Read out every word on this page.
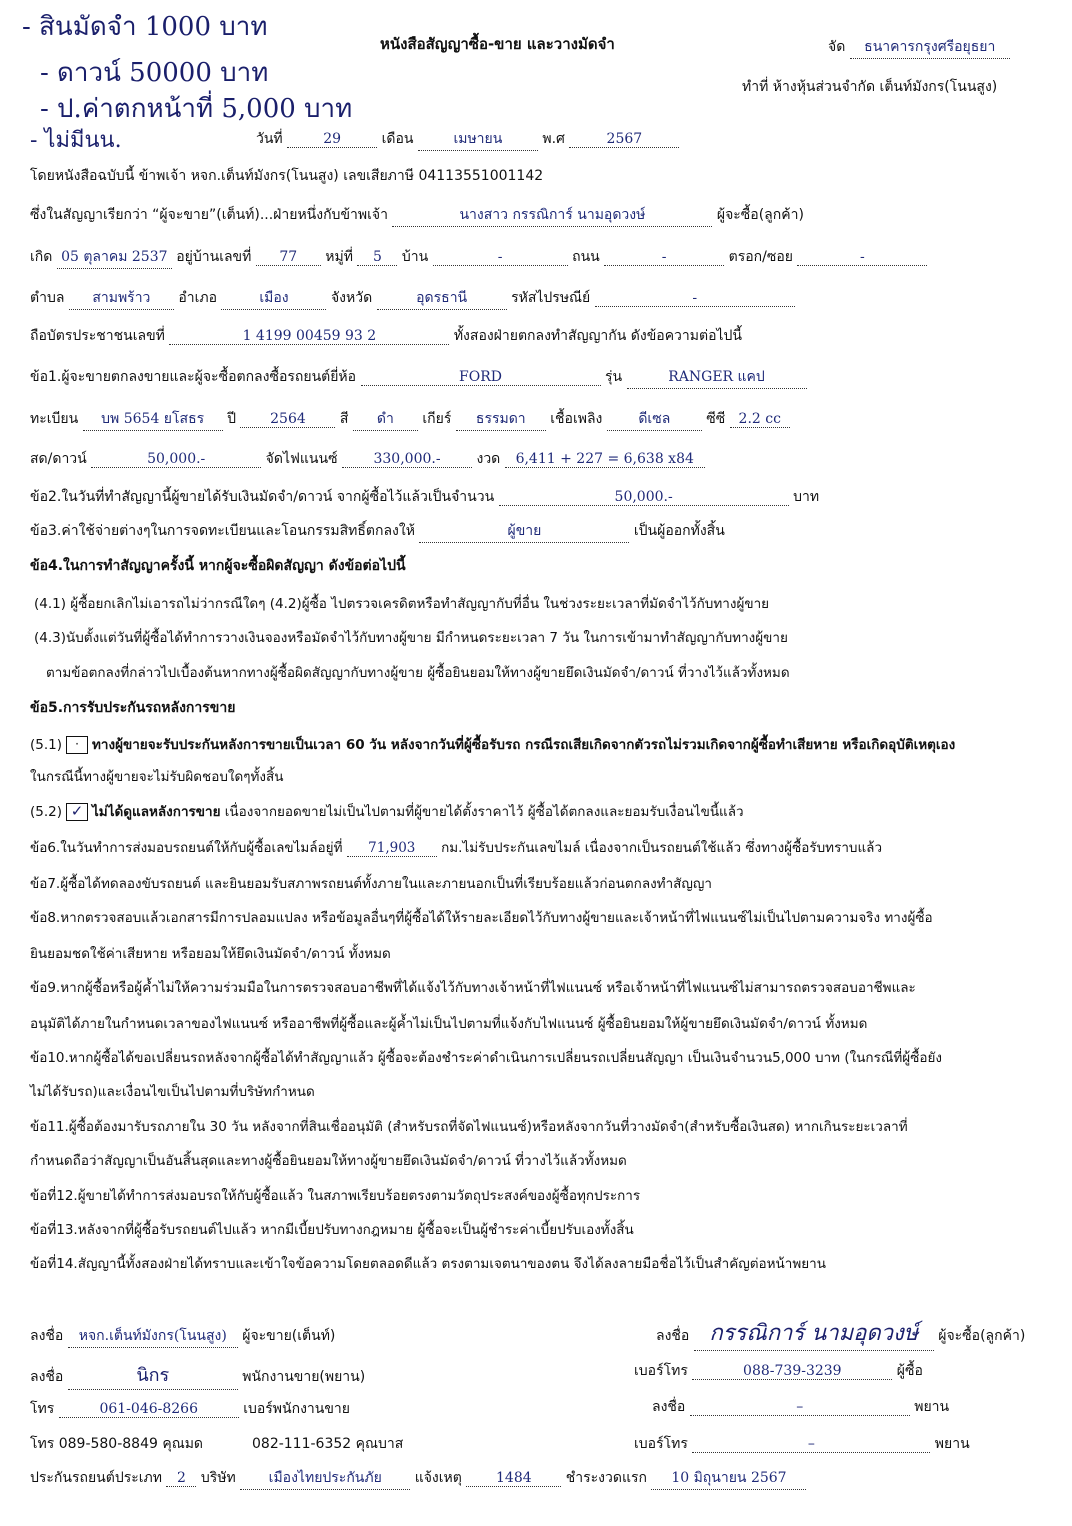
- สินมัดจำ 1000 บาท
- ดาวน์ 50000 บาท
- ป.ค่าตกหน้าที่ 5,000 บาท
- ไม่มีนน.
หนังสือสัญญาซื้อ-ขาย และวางมัดจำ	จัด ธนาคารกรุงศรีอยุธยา
ทำที่ ห้างหุ้นส่วนจำกัด เต็นท์มังกร(โนนสูง)
วันที่	29	เดือน	เมษายน	พ.ศ	2567
โดยหนังสือฉบับนี้ ข้าพเจ้า หจก.เต็นท์มังกร(โนนสูง) เลขเสียภาษี 04113551001142
ซึ่งในสัญญาเรียกว่า “ผู้จะขาย”(เต็นท์)...ฝ่ายหนึ่งกับข้าพเจ้า	นางสาว กรรณิการ์ นามอุดวงษ์	ผู้จะซื้อ(ลูกค้า)
เกิด 05 ตุลาคม 2537 อยู่บ้านเลขที่ 77 หมู่ที่ 5 บ้าน	-	ถนน	-	ตรอก/ซอย	-
ตำบล สามพร้าว อำเภอ	เมือง	จังหวัด	อุดรธานี	รหัสไปรษณีย์	-
ถือบัตรประชาชนเลขที่	1 4199 00459 93 2	ทั้งสองฝ่ายตกลงทำสัญญากัน ดังข้อความต่อไปนี้
ข้อ1.ผู้จะขายตกลงขายและผู้จะซื้อตกลงซื้อรถยนต์ยี่ห้อ	FORD	รุ่น	RANGER แคป
ทะเบียน บพ 5654 ยโสธร ปี 2564 สี ดำ เกียร์ ธรรมดา เชื้อเพลิง	ดีเซล	ซีซี 2.2 cc
สด/ดาวน์	50,000.-	จัดไฟแนนซ์	330,000.-	งวด 6,411 + 227 = 6,638 x84
ข้อ2.ในวันที่ทำสัญญานี้ผู้ขายได้รับเงินมัดจำ/ดาวน์ จากผู้ซื้อไว้แล้วเป็นจำนวน	50,000.-	บาท
ข้อ3.ค่าใช้จ่ายต่างๆในการจดทะเบียนและโอนกรรมสิทธิ์ตกลงให้	ผู้ขาย	เป็นผู้ออกทั้งสิ้น
ข้อ4.ในการทำสัญญาครั้งนี้ หากผู้จะซื้อผิดสัญญา ดังข้อต่อไปนี้
(4.1) ผู้ซื้อยกเลิกไม่เอารถไม่ว่ากรณีใดๆ (4.2)ผู้ซื้อ ไปตรวจเครดิตหรือทำสัญญากับที่อื่น ในช่วงระยะเวลาที่มัดจำไว้กับทางผู้ขาย
(4.3)นับตั้งแต่วันที่ผู้ซื้อได้ทำการวางเงินจองหรือมัดจำไว้กับทางผู้ขาย มีกำหนดระยะเวลา 7 วัน ในการเข้ามาทำสัญญากับทางผู้ขาย
ตามข้อตกลงที่กล่าวไปเบื้องต้นหากทางผู้ซื้อผิดสัญญากับทางผู้ขาย ผู้ซื้อยินยอมให้ทางผู้ขายยึดเงินมัดจำ/ดาวน์ ที่วางไว้แล้วทั้งหมด
ข้อ5.การรับประกันรถหลังการขาย
(5.1) · ทางผู้ขายจะรับประกันหลังการขายเป็นเวลา 60 วัน หลังจากวันที่ผู้ซื้อรับรถ กรณีรถเสียเกิดจากตัวรถไม่รวมเกิดจากผู้ซื้อทำเสียหาย หรือเกิดอุบัติเหตุเอง
ในกรณีนี้ทางผู้ขายจะไม่รับผิดชอบใดๆทั้งสิ้น
(5.2) ✓ ไม่ได้ดูแลหลังการขาย เนื่องจากยอดขายไม่เป็นไปตามที่ผู้ขายได้ตั้งราคาไว้ ผู้ซื้อได้ตกลงและยอมรับเงื่อนไขนี้แล้ว
ข้อ6.ในวันทำการส่งมอบรถยนต์ให้กับผู้ซื้อเลขไมล์อยู่ที่ 71,903 กม.ไม่รับประกันเลขไมล์ เนื่องจากเป็นรถยนต์ใช้แล้ว ซึ่งทางผู้ซื้อรับทราบแล้ว
ข้อ7.ผู้ซื้อได้ทดลองขับรถยนต์ และยินยอมรับสภาพรถยนต์ทั้งภายในและภายนอกเป็นที่เรียบร้อยแล้วก่อนตกลงทำสัญญา
ข้อ8.หากตรวจสอบแล้วเอกสารมีการปลอมแปลง หรือข้อมูลอื่นๆที่ผู้ซื้อได้ให้รายละเอียดไว้กับทางผู้ขายและเจ้าหน้าที่ไฟแนนซ์ไม่เป็นไปตามความจริง ทางผู้ซื้อ
ยินยอมชดใช้ค่าเสียหาย หรือยอมให้ยึดเงินมัดจำ/ดาวน์ ทั้งหมด
ข้อ9.หากผู้ซื้อหรือผู้ค้ำไม่ให้ความร่วมมือในการตรวจสอบอาชีพที่ได้แจ้งไว้กับทางเจ้าหน้าที่ไฟแนนซ์ หรือเจ้าหน้าที่ไฟแนนซ์ไม่สามารถตรวจสอบอาชีพและ
อนุมัติได้ภายในกำหนดเวลาของไฟแนนซ์ หรืออาชีพที่ผู้ซื้อและผู้ค้ำไม่เป็นไปตามที่แจ้งกับไฟแนนซ์ ผู้ซื้อยินยอมให้ผู้ขายยึดเงินมัดจำ/ดาวน์ ทั้งหมด
ข้อ10.หากผู้ซื้อได้ขอเปลี่ยนรถหลังจากผู้ซื้อได้ทำสัญญาแล้ว ผู้ซื้อจะต้องชำระค่าดำเนินการเปลี่ยนรถเปลี่ยนสัญญา เป็นเงินจำนวน5,000 บาท (ในกรณีที่ผู้ซื้อยัง
ไม่ได้รับรถ)และเงื่อนไขเป็นไปตามที่บริษัทกำหนด
ข้อ11.ผู้ซื้อต้องมารับรถภายใน 30 วัน หลังจากที่สินเชื่ออนุมัติ (สำหรับรถที่จัดไฟแนนซ์)หรือหลังจากวันที่วางมัดจำ(สำหรับซื้อเงินสด) หากเกินระยะเวลาที่
กำหนดถือว่าสัญญาเป็นอันสิ้นสุดและทางผู้ซื้อยินยอมให้ทางผู้ขายยึดเงินมัดจำ/ดาวน์ ที่วางไว้แล้วทั้งหมด
ข้อที่12.ผู้ขายได้ทำการส่งมอบรถให้กับผู้ซื้อแล้ว ในสภาพเรียบร้อยตรงตามวัตถุประสงค์ของผู้ซื้อทุกประการ
ข้อที่13.หลังจากที่ผู้ซื้อรับรถยนต์ไปแล้ว หากมีเบี้ยปรับทางกฎหมาย ผู้ซื้อจะเป็นผู้ชำระค่าเบี้ยปรับเองทั้งสิ้น
ข้อที่14.สัญญานี้ทั้งสองฝ่ายได้ทราบและเข้าใจข้อความโดยตลอดดีแล้ว ตรงตามเจตนาของตน จึงได้ลงลายมือชื่อไว้เป็นสำคัญต่อหน้าพยาน
ลงชื่อ หจก.เต็นท์มังกร(โนนสูง) ผู้จะขาย(เต็นท์)
ลงชื่อ	นิกร	พนักงานขาย(พยาน)
โทร	061-046-8266	เบอร์พนักงานขาย
โทร 089-580-8849 คุณมด	082-111-6352 คุณบาส
ลงชื่อ กรรณิการ์ นามอุดวงษ์ ผู้จะซื้อ(ลูกค้า)
เบอร์โทร	088-739-3239	ผู้ซื้อ
ลงชื่อ	–	พยาน
เบอร์โทร	–	พยาน
ประกันรถยนต์ประเภท 2 บริษัท เมืองไทยประกันภัย แจ้งเหตุ 1484 ชำระงวดแรก 10 มิถุนายน 2567
